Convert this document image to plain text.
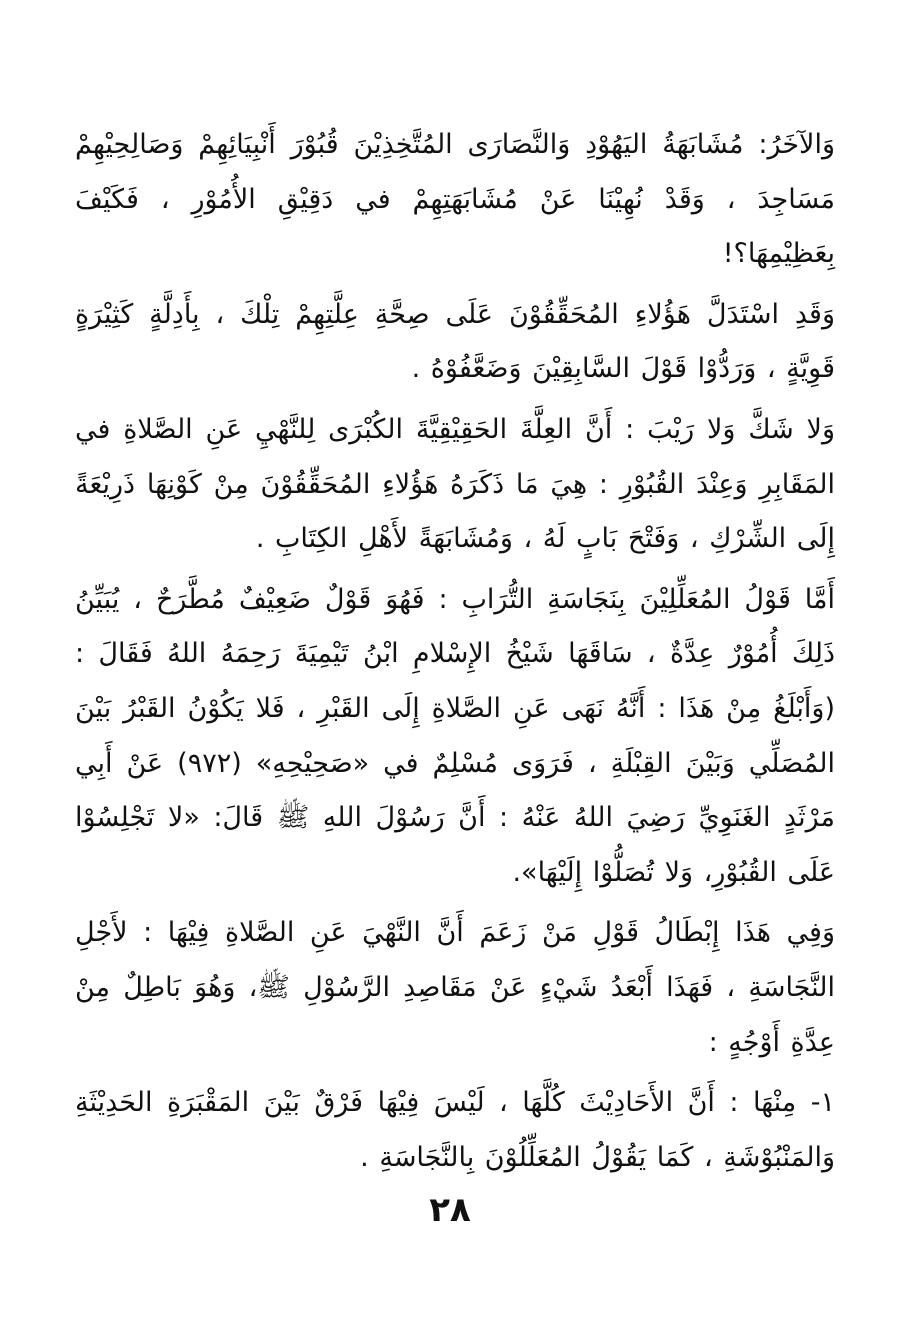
وَالآخَرُ: مُشَابَهَةُ اليَهُوْدِ وَالنَّصَارَى المُتَّخِذِيْنَ قُبُوْرَ أَنْبِيَائِهِمْ وَصَالِحِيْهِمْ مَسَاجِدَ ، وَقَدْ نُهِيْنَا عَنْ مُشَابَهَتِهِمْ في دَقِيْقِ الأُمُوْرِ ، فَكَيْفَ بِعَظِيْمِهَا؟!

وَقَدِ اسْتَدَلَّ هَؤُلاءِ المُحَقِّقُوْنَ عَلَى صِحَّةِ عِلَّتِهِمْ تِلْكَ ، بِأَدِلَّةٍ كَثِيْرَةٍ قَوِيَّةٍ ، وَرَدُّوْا قَوْلَ السَّابِقِيْنَ وَضَعَّفُوْهُ .

وَلا شَكَّ وَلا رَيْبَ : أَنَّ العِلَّةَ الحَقِيْقِيَّةَ الكُبْرَى لِلنَّهْيِ عَنِ الصَّلاةِ في المَقَابِرِ وَعِنْدَ القُبُوْرِ : هِيَ مَا ذَكَرَهُ هَؤُلاءِ المُحَقِّقُوْنَ مِنْ كَوْنِهَا ذَرِيْعَةً إِلَى الشِّرْكِ ، وَفَتْحَ بَابٍ لَهُ ، وَمُشَابَهَةً لأَهْلِ الكِتَابِ .

أَمَّا قَوْلُ المُعَلِّلِيْنَ بِنَجَاسَةِ التُّرَابِ : فَهُوَ قَوْلٌ ضَعِيْفٌ مُطَّرَحٌ ، يُبَيِّنُ ذَلِكَ أُمُوْرٌ عِدَّةٌ ، سَاقَهَا شَيْخُ الإِسْلامِ ابْنُ تَيْمِيَةَ رَحِمَهُ اللهُ فَقَالَ : (وَأَبْلَغُ مِنْ هَذَا : أَنَّهُ نَهَى عَنِ الصَّلاةِ إِلَى القَبْرِ ، فَلا يَكُوْنُ القَبْرُ بَيْنَ المُصَلِّي وَبَيْنَ القِبْلَةِ ، فَرَوَى مُسْلِمٌ في «صَحِيْحِهِ» (٩٧٢) عَنْ أَبِي مَرْثَدٍ الغَنَوِيِّ رَضِيَ اللهُ عَنْهُ : أَنَّ رَسُوْلَ اللهِ ﷺ قَالَ: «لا تَجْلِسُوْا عَلَى القُبُوْرِ، وَلا تُصَلُّوْا إِلَيْهَا».

وَفِي هَذَا إِبْطَالُ قَوْلِ مَنْ زَعَمَ أَنَّ النَّهْيَ عَنِ الصَّلاةِ فِيْهَا : لأَجْلِ النَّجَاسَةِ ، فَهَذَا أَبْعَدُ شَيْءٍ عَنْ مَقَاصِدِ الرَّسُوْلِ ﷺ، وَهُوَ بَاطِلٌ مِنْ عِدَّةِ أَوْجُهٍ :

١- مِنْهَا : أَنَّ الأَحَادِيْثَ كُلَّهَا ، لَيْسَ فِيْهَا فَرْقٌ بَيْنَ المَقْبَرَةِ الحَدِيْثَةِ وَالمَنْبُوْشَةِ ، كَمَا يَقُوْلُ المُعَلِّلُوْنَ بِالنَّجَاسَةِ .

٢٨
